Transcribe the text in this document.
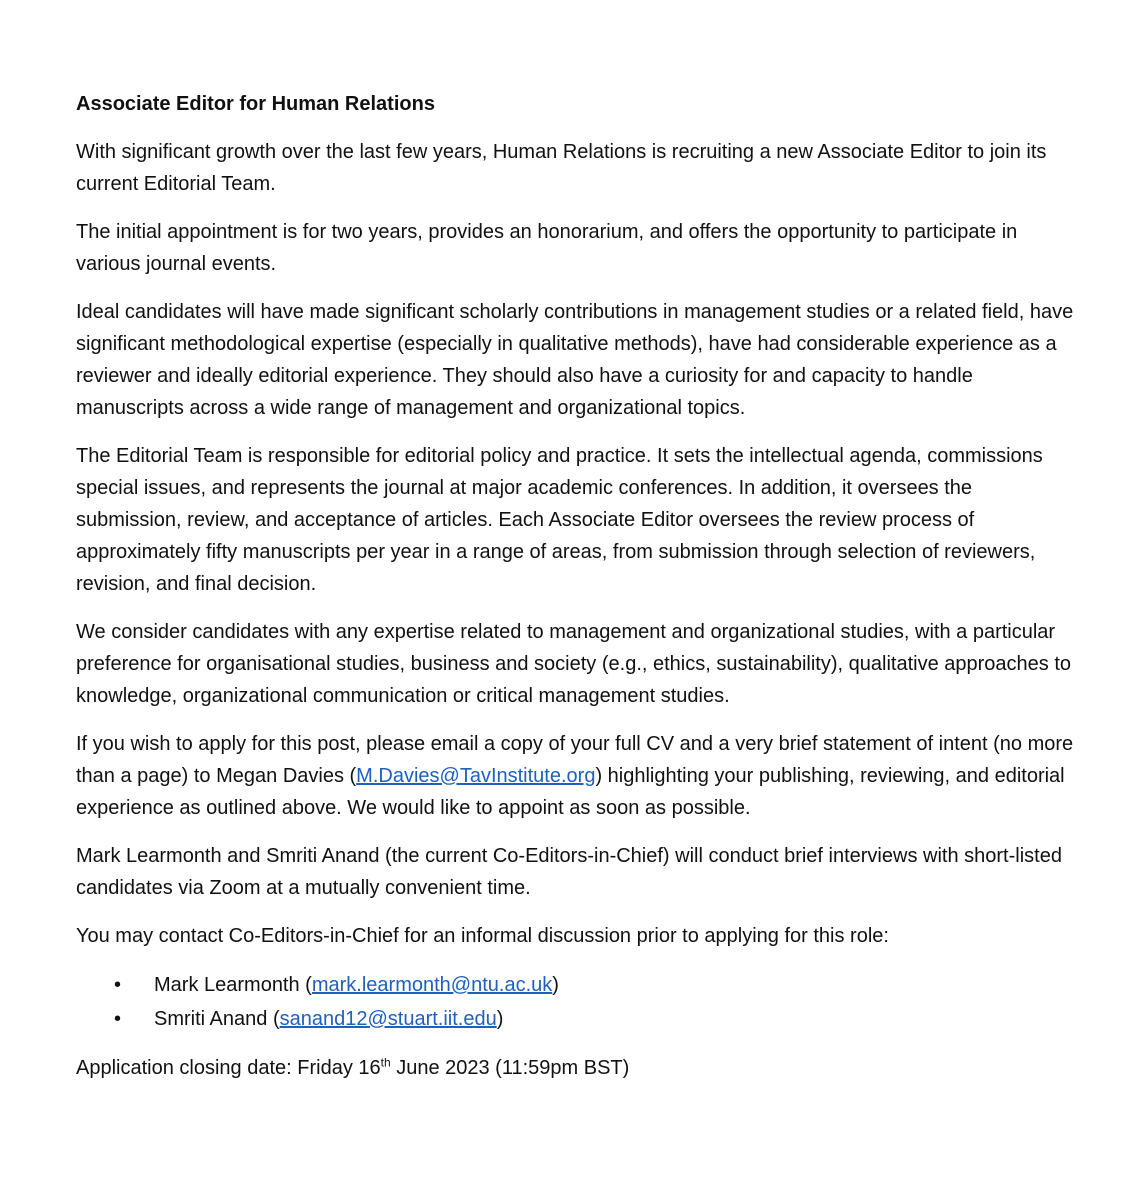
Associate Editor for Human Relations

With significant growth over the last few years, Human Relations is recruiting a new Associate Editor to join its current Editorial Team.

The initial appointment is for two years, provides an honorarium, and offers the opportunity to participate in various journal events.

Ideal candidates will have made significant scholarly contributions in management studies or a related field, have significant methodological expertise (especially in qualitative methods), have had considerable experience as a reviewer and ideally editorial experience. They should also have a curiosity for and capacity to handle manuscripts across a wide range of management and organizational topics.

The Editorial Team is responsible for editorial policy and practice. It sets the intellectual agenda, commissions special issues, and represents the journal at major academic conferences. In addition, it oversees the submission, review, and acceptance of articles. Each Associate Editor oversees the review process of approximately fifty manuscripts per year in a range of areas, from submission through selection of reviewers, revision, and final decision.

We consider candidates with any expertise related to management and organizational studies, with a particular preference for organisational studies, business and society (e.g., ethics, sustainability), qualitative approaches to knowledge, organizational communication or critical management studies.

If you wish to apply for this post, please email a copy of your full CV and a very brief statement of intent (no more than a page) to Megan Davies (M.Davies@TavInstitute.org) highlighting your publishing, reviewing, and editorial experience as outlined above. We would like to appoint as soon as possible.

Mark Learmonth and Smriti Anand (the current Co-Editors-in-Chief) will conduct brief interviews with short-listed candidates via Zoom at a mutually convenient time.

You may contact Co-Editors-in-Chief for an informal discussion prior to applying for this role:

• Mark Learmonth (mark.learmonth@ntu.ac.uk)
• Smriti Anand (sanand12@stuart.iit.edu)

Application closing date: Friday 16th June 2023 (11:59pm BST)
